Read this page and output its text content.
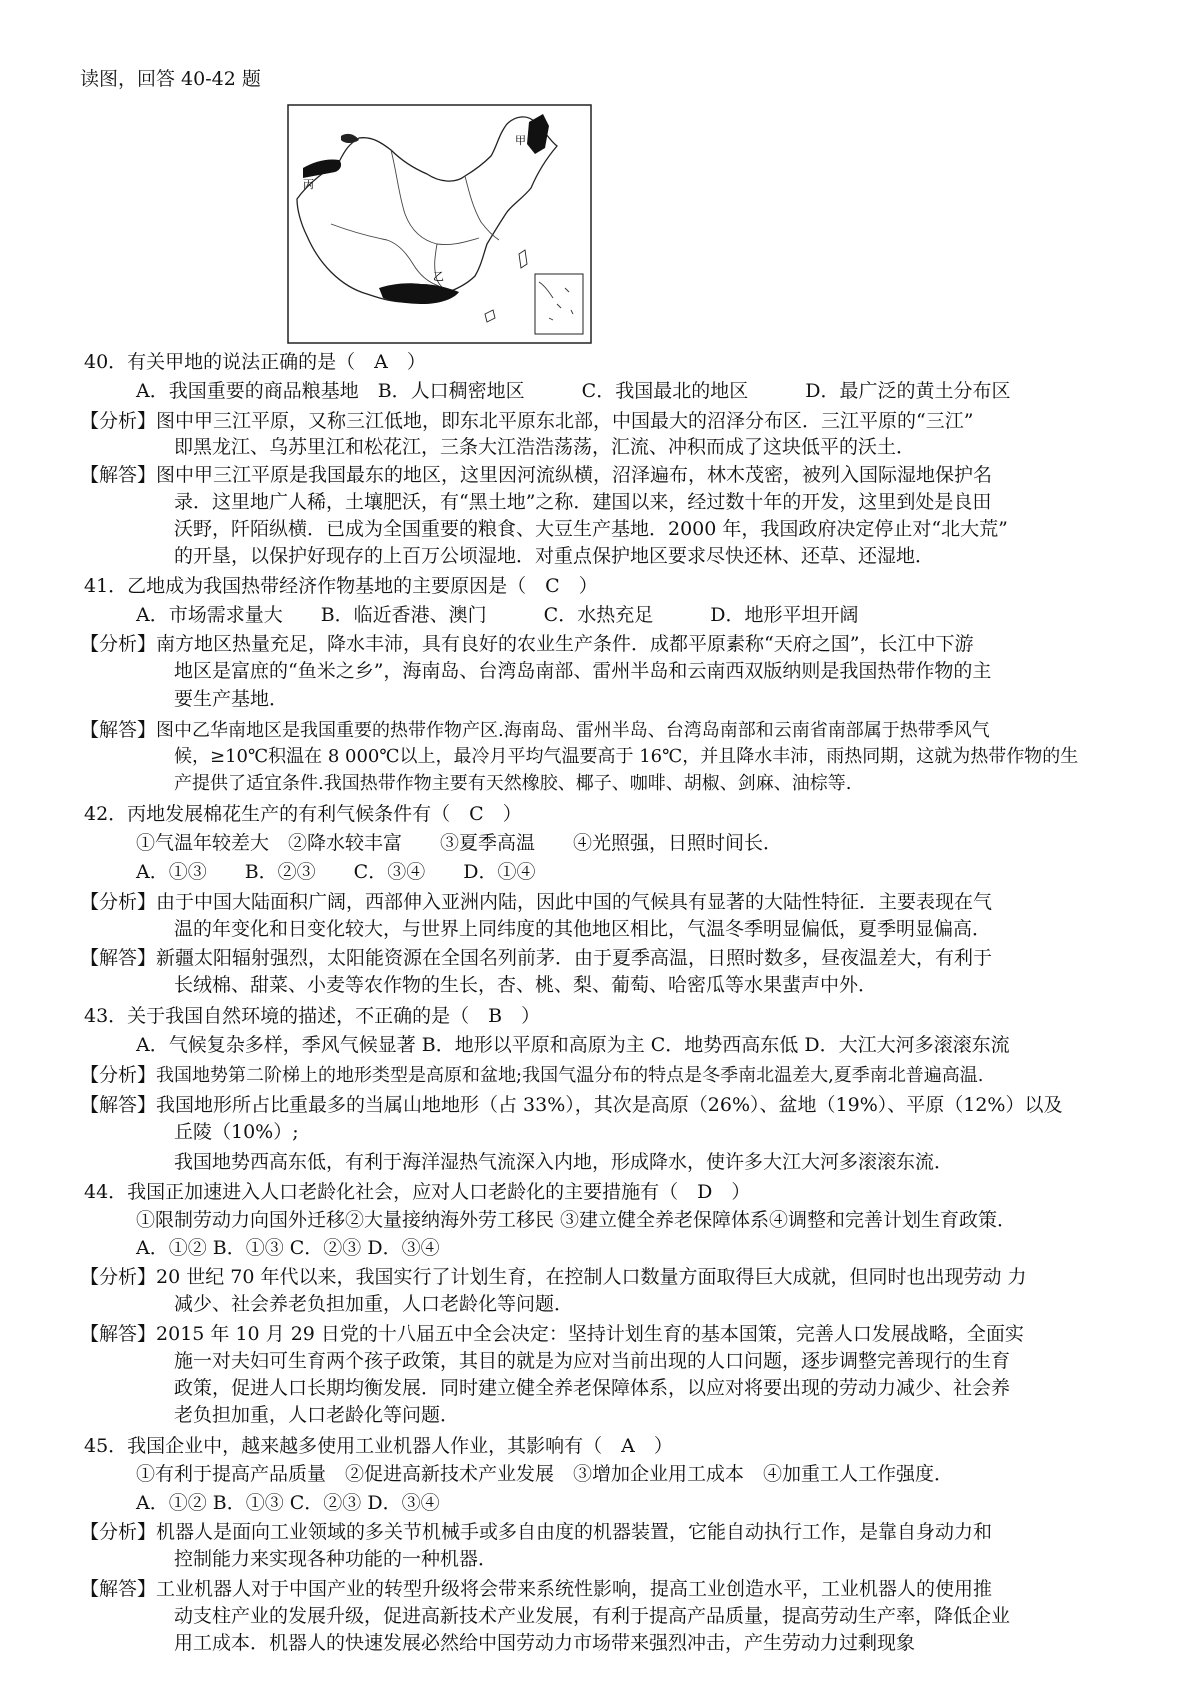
读图，回答 40-42 题
甲
丙
乙
40．有关甲地的说法正确的是（　A　）
A．我国重要的商品粮基地　B．人口稠密地区　　　C．我国最北的地区　　　D．最广泛的黄土分布区
【分析】图中甲三江平原，又称三江低地，即东北平原东北部，中国最大的沼泽分布区．三江平原的“三江”
即黑龙江、乌苏里江和松花江，三条大江浩浩荡荡，汇流、冲积而成了这块低平的沃土．
【解答】图中甲三江平原是我国最东的地区，这里因河流纵横，沼泽遍布，林木茂密，被列入国际湿地保护名
录．这里地广人稀，土壤肥沃，有“黑土地”之称．建国以来，经过数十年的开发，这里到处是良田
沃野，阡陌纵横．已成为全国重要的粮食、大豆生产基地．2000 年，我国政府决定停止对“北大荒”
的开垦，以保护好现存的上百万公顷湿地．对重点保护地区要求尽快还林、还草、还湿地．
41．乙地成为我国热带经济作物基地的主要原因是（　C　）
A．市场需求量大　　B．临近香港、澳门　　　C．水热充足　　　D．地形平坦开阔
【分析】南方地区热量充足，降水丰沛，具有良好的农业生产条件．成都平原素称“天府之国”，长江中下游
地区是富庶的“鱼米之乡”，海南岛、台湾岛南部、雷州半岛和云南西双版纳则是我国热带作物的主
要生产基地．
【解答】图中乙华南地区是我国重要的热带作物产区.海南岛、雷州半岛、台湾岛南部和云南省南部属于热带季风气
候，≥10℃积温在 8 000℃以上，最冷月平均气温要高于 16℃，并且降水丰沛，雨热同期，这就为热带作物的生
产提供了适宜条件.我国热带作物主要有天然橡胶、椰子、咖啡、胡椒、剑麻、油棕等.
42．丙地发展棉花生产的有利气候条件有（　C　）
①气温年较差大　②降水较丰富　　③夏季高温　　④光照强，日照时间长．
A．①③　　B．②③　　C．③④　　D．①④
【分析】由于中国大陆面积广阔，西部伸入亚洲内陆，因此中国的气候具有显著的大陆性特征．主要表现在气
温的年变化和日变化较大，与世界上同纬度的其他地区相比，气温冬季明显偏低，夏季明显偏高．
【解答】新疆太阳辐射强烈，太阳能资源在全国名列前茅．由于夏季高温，日照时数多，昼夜温差大，有利于
长绒棉、甜菜、小麦等农作物的生长，杏、桃、梨、葡萄、哈密瓜等水果蜚声中外．
43．关于我国自然环境的描述，不正确的是（　B　）
A．气候复杂多样，季风气候显著 B．地形以平原和高原为主 C．地势西高东低 D．大江大河多滚滚东流
【分析】我国地势第二阶梯上的地形类型是高原和盆地;我国气温分布的特点是冬季南北温差大,夏季南北普遍高温.
【解答】我国地形所占比重最多的当属山地地形（占 33%），其次是高原（26%）、盆地（19%）、平原（12%）以及
丘陵（10%）;
我国地势西高东低，有利于海洋湿热气流深入内地，形成降水，使许多大江大河多滚滚东流．
44．我国正加速进入人口老龄化社会，应对人口老龄化的主要措施有（　D　）
①限制劳动力向国外迁移②大量接纳海外劳工移民 ③建立健全养老保障体系④调整和完善计划生育政策．
A．①② B．①③ C．②③ D．③④
【分析】20 世纪 70 年代以来，我国实行了计划生育，在控制人口数量方面取得巨大成就，但同时也出现劳动 力
减少、社会养老负担加重，人口老龄化等问题．
【解答】2015 年 10 月 29 日党的十八届五中全会决定：坚持计划生育的基本国策，完善人口发展战略，全面实
施一对夫妇可生育两个孩子政策，其目的就是为应对当前出现的人口问题，逐步调整完善现行的生育
政策，促进人口长期均衡发展．同时建立健全养老保障体系，以应对将要出现的劳动力减少、社会养
老负担加重，人口老龄化等问题．
45．我国企业中，越来越多使用工业机器人作业，其影响有（　A　）
①有利于提高产品质量　②促进高新技术产业发展　③增加企业用工成本　④加重工人工作强度．
A．①② B．①③ C．②③ D．③④
【分析】机器人是面向工业领域的多关节机械手或多自由度的机器装置，它能自动执行工作，是靠自身动力和
控制能力来实现各种功能的一种机器．
【解答】工业机器人对于中国产业的转型升级将会带来系统性影响，提高工业创造水平，工业机器人的使用推
动支柱产业的发展升级，促进高新技术产业发展，有利于提高产品质量，提高劳动生产率，降低企业
用工成本．机器人的快速发展必然给中国劳动力市场带来强烈冲击，产生劳动力过剩现象
